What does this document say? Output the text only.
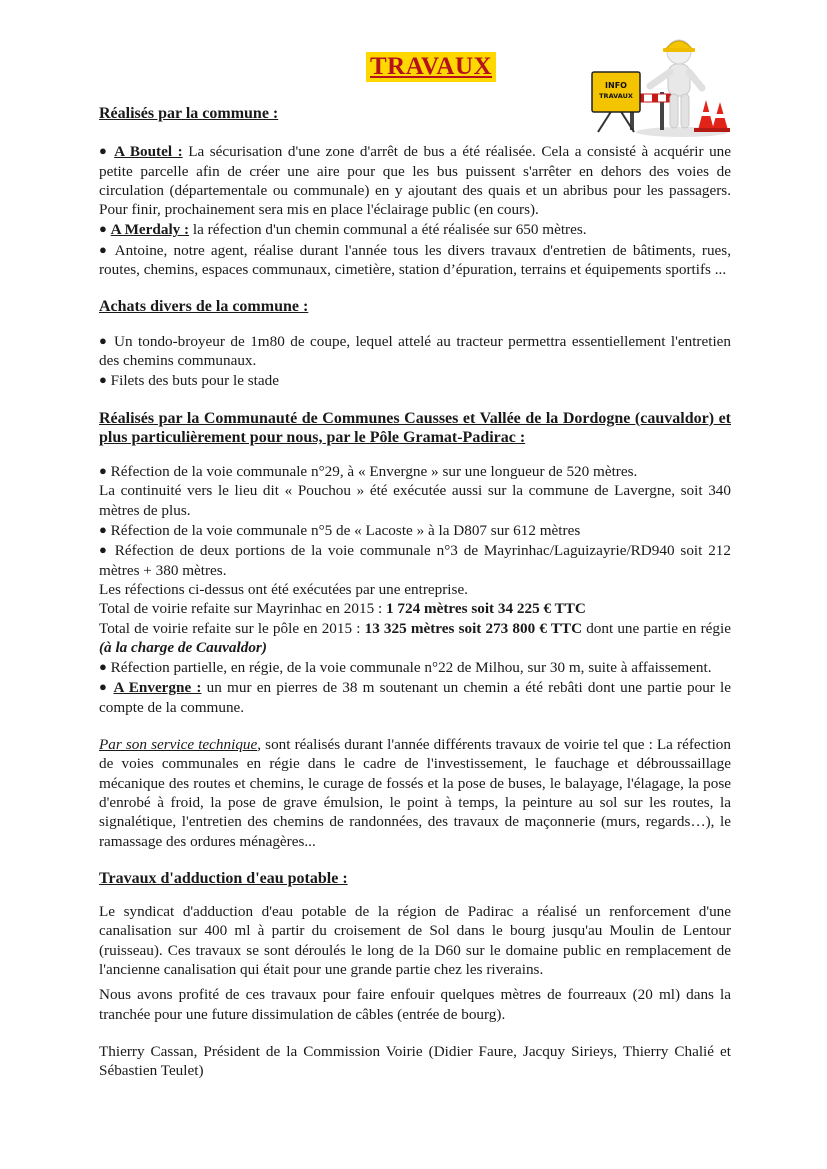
TRAVAUX
INFO
TRAVAUX

Réalisés par la commune :

● A Boutel : La sécurisation d'une zone d'arrêt de bus a été réalisée. Cela a consisté à acquérir une petite parcelle afin de créer une aire pour que les bus puissent s'arrêter en dehors des voies de circulation (départementale ou communale) en y ajoutant des quais et un abribus pour les passagers. Pour finir, prochainement sera mis en place l'éclairage public (en cours).

● A Merdaly : la réfection d'un chemin communal a été réalisée sur 650 mètres.

● Antoine, notre agent, réalise durant l'année tous les divers travaux d'entretien de bâtiments, rues, routes, chemins, espaces communaux, cimetière, station d’épuration, terrains et équipements sportifs ...

Achats divers de la commune :

● Un tondo-broyeur de 1m80 de coupe, lequel attelé au tracteur permettra essentiellement l'entretien des chemins communaux.

● Filets des buts pour le stade

Réalisés par la Communauté de Communes Causses et Vallée de la Dordogne (cauvaldor) et plus particulièrement pour nous, par le Pôle Gramat-Padirac :

● Réfection de la voie communale n°29, à « Envergne » sur une longueur de 520 mètres.

La continuité vers le lieu dit « Pouchou » été exécutée aussi sur la commune de Lavergne, soit 340 mètres de plus.

● Réfection de la voie communale n°5 de « Lacoste » à la D807 sur 612 mètres

● Réfection de deux portions de la voie communale n°3 de Mayrinhac/Laguizayrie/RD940 soit 212 mètres + 380 mètres.

Les réfections ci-dessus ont été exécutées par une entreprise.

Total de voirie refaite sur Mayrinhac en 2015 : 1 724 mètres soit 34 225 € TTC

Total de voirie refaite sur le pôle en 2015 : 13 325 mètres soit 273 800 € TTC dont une partie en régie (à la charge de Cauvaldor)

● Réfection partielle, en régie, de la voie communale n°22 de Milhou, sur 30 m, suite à affaissement.

● A Envergne : un mur en pierres de 38 m soutenant un chemin a été rebâti dont une partie pour le compte de la commune.

Par son service technique, sont réalisés durant l'année différents travaux de voirie tel que : La réfection de voies communales en régie dans le cadre de l'investissement, le fauchage et débroussaillage mécanique des routes et chemins, le curage de fossés et la pose de buses, le balayage, l'élagage, la pose d'enrobé à froid, la pose de grave émulsion, le point à temps, la peinture au sol sur les routes, la signalétique, l'entretien des chemins de randonnées, des travaux de maçonnerie (murs, regards…), le ramassage des ordures ménagères...

Travaux d'adduction d'eau potable :

Le syndicat d'adduction d'eau potable de la région de Padirac a réalisé un renforcement d'une canalisation sur 400 ml à partir du croisement de Sol dans le bourg jusqu'au Moulin de Lentour (ruisseau). Ces travaux se sont déroulés le long de la D60 sur le domaine public en remplacement de l'ancienne canalisation qui était pour une grande partie chez les riverains.

Nous avons profité de ces travaux pour faire enfouir quelques mètres de fourreaux (20 ml) dans la tranchée pour une future dissimulation de câbles (entrée de bourg).

Thierry Cassan, Président de la Commission Voirie (Didier Faure, Jacquy Sirieys, Thierry Chalié et Sébastien Teulet)
